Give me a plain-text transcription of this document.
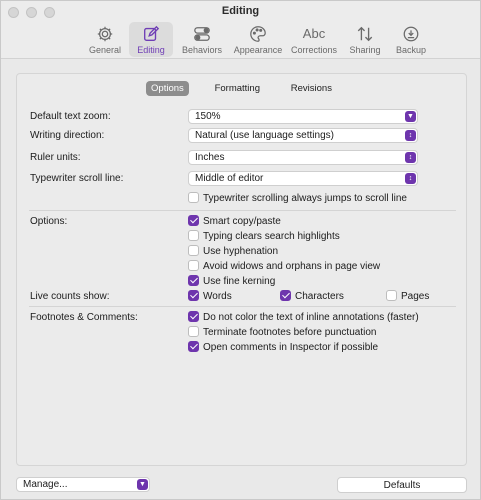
Editing
General Editing Behaviors Appearance
Abc
Corrections Sharing Backup
Options	Formatting	Revisions
Default text zoom:	150%	▼
Writing direction:	Natural (use language settings)	↕
Ruler units:	Inches	↕
Typewriter scroll line:	Middle of editor	↕
Typewriter scrolling always jumps to scroll line
Options:	Smart copy/paste
Typing clears search highlights
Use hyphenation
Avoid widows and orphans in page view
Use fine kerning
Live counts show:	Words	Characters	Pages
Footnotes & Comments:	Do not color the text of inline annotations (faster)
Terminate footnotes before punctuation
Open comments in Inspector if possible
Manage...	▼	Defaults
